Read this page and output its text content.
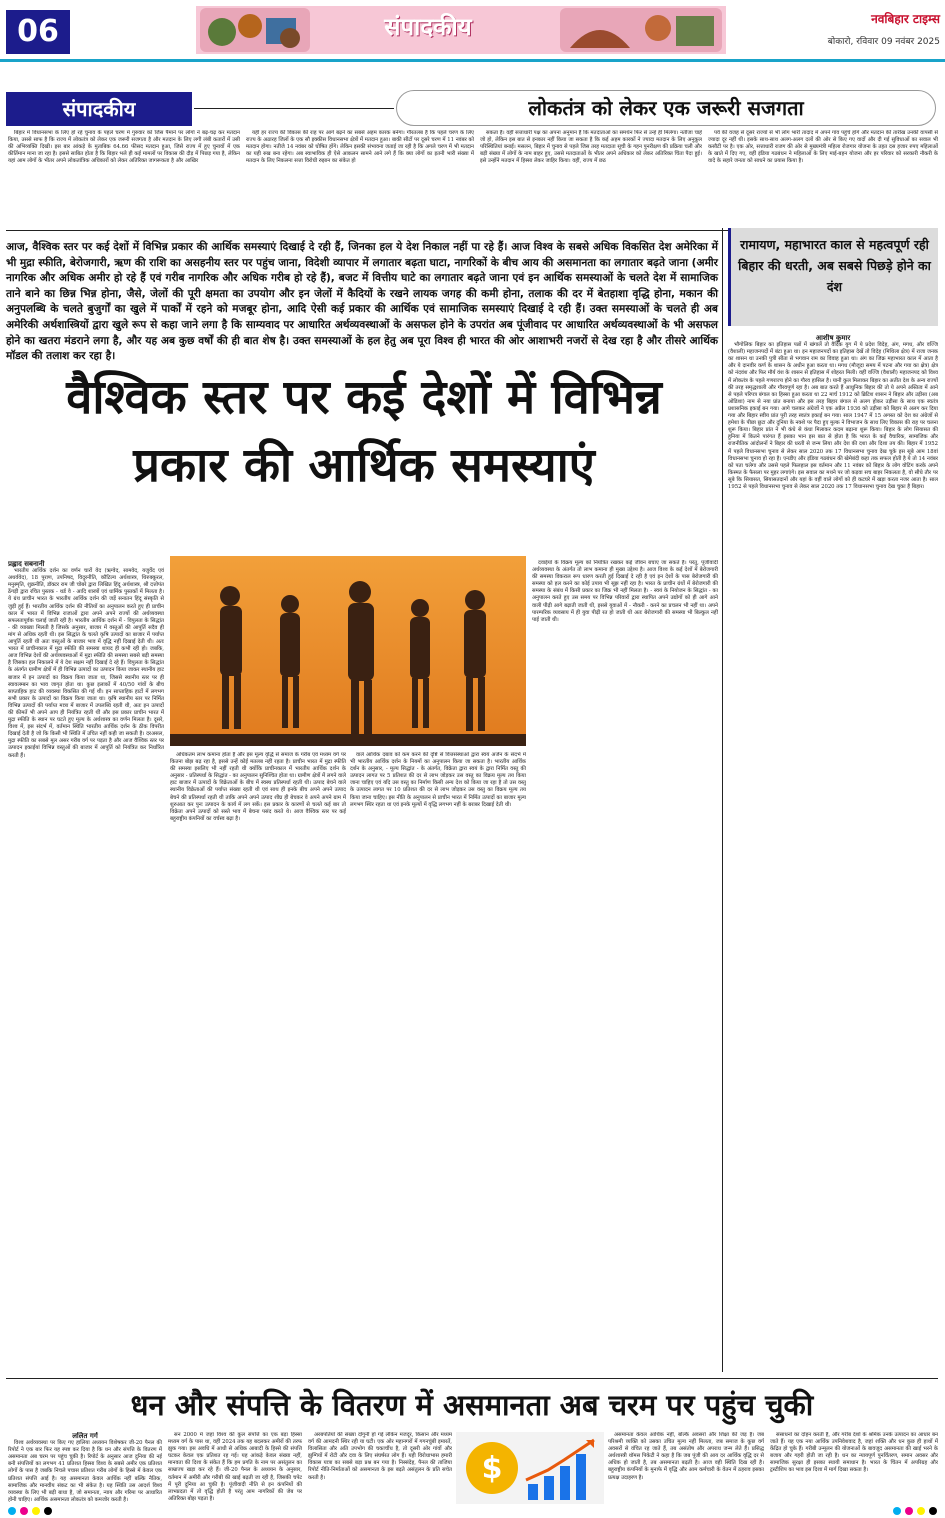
06	संपादकीय	नवबिहार टाइम्स
बोकारो, रविवार 09 नवंबर 2025
संपादकीय	लोकतंत्र को लेकर एक जरूरी सजगता

बिहार में विधानसभा के लिए हो रहे चुनाव के पहले चरण में गुरुवार को जिस पैमाने पर लोगों ने बढ़-चढ़ कर मतदान किया, उससे साफ है कि राज्य में लोकतंत्र को लेकर एक जरूरी सजगता है और मतदान के लिए लगी लंबी कतारों में उसी की अभिव्यक्ति दिखी। इस बार आंकड़े के मुताबिक 64.66 फीसद मतदान हुआ, जिसे राज्य में हुए चुनावों में एक कीर्तिमान माना जा रहा है। इससे साबित होता है कि बिहार भले ही कई मामलों पर विकास की दौड़ में पिछड़ गया है, लेकिन यहां आम लोगों के भीतर अपने लोकतांत्रिक अधिकारों को लेकर अतिरिक्त जागरूकता है और आखिर

यही हर राज्य की विकास की राह पर आगे बढ़ने का सबसे अहम कारक बनेगा। गौरतलब है कि पहले चरण के लिए राज्य के अठारह जिलों के एक सौ इक्कीस विधानसभा क्षेत्रों में मतदान हुआ। बाकी सीटों पर दूसरे चरण में 11 नवंबर को मतदान होगा। नतीजे 14 नवंबर को घोषित होंगे। लेकिन इसकी संभावना जताई जा रही है कि अगले चरण में भी मतदान का यही रुख बना रहेगा। अब स्वाभाविक ही ऐसे आकलन सामने आने लगे हैं कि क्या लोगों का इतनी भारी संख्या में मतदान के लिए निकलना सत्ता विरोधी रुझान का संकेत हो

सकता है। वहीं सत्ताधारी पक्ष का अपना अनुमान है कि मतदाताओं का समर्थन फिर से उन्हें ही मिलेगा। नतीजा चाहे जो हो, लेकिन इस बात से इनकार नहीं किया जा सकता है कि कई अहम कारकों ने ज्यादा मतदान के लिए अनुकूल परिस्थितियां बनाईं। मसलन, बिहार में चुनाव से पहले जिस तरह मतदाता सूची के गहन पुनरीक्षण की प्रक्रिया चली और बड़ी संख्या में लोगों के नाम बाहर हुए, उससे मतदाताओं के भीतर अपने अधिकार को लेकर अतिरिक्त चिंता पैदा हुई। इसे उन्होंने मतदान में हिस्सा लेकर जाहिर किया। वहीं, राज्य में छठ

पर्व की वजह से दूसरे राज्यों से भी लोग भारी तादाद में अपने गांव पहुंचे होंगे और मतदान की तारीख उनकी वापसी से ज्यादा दूर नहीं थी। इसके साथ-साथ अलग-अलग दलों की ओर से किए गए वादों और दी गई सुविधाओं का सवाल भी कसौटी पर है। एक ओर, सत्ताधारी राजग की ओर से मुख्यमंत्री महिला रोजगार योजना के तहत दस हजार रुपए महिलाओं के खाते में दिए गए, वहीं इंडिया गठबंधन ने महिलाओं के लिए माई-बहन योजना और हर परिवार को सरकारी नौकरी के वादे के सहारे जनता को साधने का प्रयास किया है।

आज, वैश्विक स्तर पर कई देशों में विभिन्न प्रकार की आर्थिक समस्याएं दिखाई दे रही हैं, जिनका हल ये देश निकाल नहीं पा रहे हैं। आज विश्व के सबसे अधिक विकसित देश अमेरिका में भी मुद्रा स्फीति, बेरोजगारी, ऋण की राशि का असहनीय स्तर पर पहुंच जाना, विदेशी व्यापार में लगातार बढ़ता घाटा, नागरिकों के बीच आय की असमानता का लगातार बढ़ते जाना (अमीर नागरिक और अधिक अमीर हो रहे हैं एवं गरीब नागरिक और अधिक गरीब हो रहे हैं), बजट में वित्तीय घाटे का लगातार बढ़ते जाना एवं इन आर्थिक समस्याओं के चलते देश में सामाजिक ताने बाने का छिन्न भिन्न होना, जैसे, जेलों की पूरी क्षमता का उपयोग और इन जेलों में कैदियों के रखने लायक जगह की कमी होना, तलाक की दर में बेतहाशा वृद्धि होना, मकान की अनुपलब्धि के चलते बुजुर्गों का खुले में पार्कों में रहने को मजबूर होना, आदि ऐसी कई प्रकार की आर्थिक एवं सामाजिक समस्याएं दिखाई दे रही हैं। उक्त समस्याओं के चलते ही अब अमेरिकी अर्थशास्त्रियों द्वारा खुले रूप से कहा जाने लगा है कि साम्यवाद पर आधारित अर्थव्यवस्थाओं के असफल होने के उपरांत अब पूंजीवाद पर आधारित अर्थव्यवस्थाओं के भी असफल होने का खतरा मंडराने लगा है, और यह अब कुछ वर्षों की ही बात शेष है। उक्त समस्याओं के हल हेतु अब पूरा विश्व ही भारत की ओर आशाभरी नजरों से देख रहा है और तीसरे आर्थिक मॉडल की तलाश कर रहा है।
वैश्विक स्तर पर कई देशों में विभिन्न
प्रकार की आर्थिक समस्याएं

प्रह्लाद सबनानी

भारतीय आर्थिक दर्शन का वर्णन चारों वेद (ऋग्वेद, सामवेद, यजुर्वेद एवं अथर्ववेद), 18 पुराण, उपनिषद, विदुरनीति, कौटिल्य अर्थशास्त्र, थिरुक्कुरल, मनुस्मृति, शुक्रनीति, डॉक्टर राम जी चोबरे द्वारा लिखित हिंदू अर्थशास्त्र, श्री दत्तोपंत ठेंगड़ी द्वारा रचित पुस्तक - थर्ड वे - आदि शास्त्रों एवं धार्मिक पुस्तकों में मिलता है। ये ग्रंथ प्राचीन भारत के भारतीय आर्थिक दर्शन की जड़ें सनातन हिंदू संस्कृति से जुड़ी हुई हैं। भारतीय आर्थिक दर्शन की नीतियों का अनुपालन करते हुए ही प्राचीन काल में भारत में विभिन्न राजाओं द्वारा अपने अपने राज्यों की अर्थव्यवस्था सफलतापूर्वक चलाई जाती रही है। भारतीय आर्थिक दर्शन में - विपुलता के सिद्धांत - की व्याख्या मिलती है जिसके अनुसार, बाजार में वस्तुओं की आपूर्ति सदैव ही मांग से अधिक रहती थी। इस सिद्धांत के चलते कृषि उत्पादों का बाजार में पर्याप्त आपूर्ति रहती थी अतः वस्तुओं के बाजार भाव में वृद्धि नहीं दिखाई देती थी। अतः भारत में प्राचीनकाल में मुद्रा स्फीति की समस्या शायद ही कभी रही हो। जबकि, आज विभिन्न देशों की अर्थव्यवस्थाओं में मुद्रा स्फीति की समस्या सबसे बड़ी समस्या है जिसका हल निकालने में ये देश सक्षम नहीं दिखाई दे रहे हैं। विपुलता के सिद्धांत के अंतर्गत ग्रामीण क्षेत्रों में ही विभिन्न उत्पादों का उत्पादन किया जाकर स्थानीय हाट बाजार में इन उत्पादों का विक्रय किया जाता था, जिससे स्थानीय स्तर पर ही स्वावलम्बन का भाव जागृत होता था। कुछ इलाकों में 40/50 गांवों के बीच साप्ताहिक हाट की व्यवस्था विकसित की गई थी। इन साप्ताहिक हाटों में लगभग सभी प्रकार के उत्पादों का विक्रय किया जाता था। कृषि स्थानीय स्तर पर निर्मित विभिन्न उत्पादों की पर्याप्त मात्रा में बाजार में उपलब्धि रहती थी, अतः इन उत्पादों की कीमतें भी अपने आप ही नियंत्रित रहती थीं और इस प्रकार प्राचीन भारत में मुद्रा स्फीति के स्थान पर घटते हुए मूल्य के अर्थशास्त्र का वर्णन मिलता है। दूसरे, विश्व में, इस संदर्भ में, वर्तमान स्थिति भारतीय आर्थिक दर्शन के ठीक विपरीत दिखाई देती है जो कि किसी भी स्थिति में उचित नहीं कही जा सकती है। दरअसल, मुद्रा स्फीति का सबसे मूल असर गरीब वर्ग पर पड़ता है और आज वैश्विक स्तर पर उत्पादन इकाईयां विभिन्न वस्तुओं की बाजार में आपूर्ति को नियंत्रित कर निर्धारित करती हैं।	अधिकतम लाभ कमाना होता है और इस मूल्य वृद्धि से समाज के गरीब एवं मध्यम वर्ग पर कितना बोझ बढ़ रहा है, इससे उन्हें कोई मतलब नहीं रहता है। प्राचीन भारत में मुद्रा स्फीति की समस्या इसलिए भी नहीं रहती थी क्योंकि प्राचीनकाल में भारतीय आर्थिक दर्शन के अनुसार - प्रतिस्पर्धा के सिद्धांत - का अनुपालन सुनिश्चित होता था। ग्रामीण क्षेत्रों में लगने वाले हाट बाजार में उत्पादों के विक्रेताओं के बीच में स्वस्थ प्रतिस्पर्धा रहती थी। उत्पाद बेचने वाले स्थानीय विक्रेताओं की पर्याप्त संख्या रहती थी एवं साथ ही इनके बीच अपने अपने उत्पाद बेचने की प्रतिस्पर्धा रहती थी ताकि अपने अपने उत्पाद शीघ्र ही बेचकर वे अपने अपने ग्राम में शुरुआत कर पुनः उत्पादन के कार्य में लग सकें। इस प्रकार के कारणों से चलते कई बार तो विक्रेता अपने उत्पादों को सस्ते भाव में बेचना पसंद करते थे। आज वैश्विक स्तर पर कई बहुराष्ट्रीय कंपनियों का वर्चस्व बढ़ा है।

वाले आर्थिक दबाव को कम करने की दृष्टि से वित्तसंस्थाओं द्वारा स्वयं अर्जन के संदर्भ में भी भारतीय आर्थिक दर्शन के नियमों का अनुपालन किया जा सकता है। भारतीय आर्थिक दर्शन के अनुसार, - मूल्य सिद्धांत - के अंतर्गत, विक्रेता द्वारा स्वयं के द्वारा निर्मित वस्तु की उत्पादन लागत पर 5 प्रतिशत की दर से लाभ जोड़कर उस वस्तु का विक्रय मूल्य तय किया जाना चाहिए एवं यदि उस वस्तु का निर्माण किसी अन्य देश को किया जा रहा है तो उस वस्तु के उत्पादन लागत पर 10 प्रतिशत की दर से लाभ जोड़कर उस वस्तु का विक्रय मूल्य तय किया जाना चाहिए। इस नीति के अनुपालन से प्राचीन भारत में निर्मित उत्पादों का बाजार मूल्य लगभग स्थिर रहता था एवं इनके मूल्यों में वृद्धि लगभग नहीं के बराबर दिखाई देती थी।

दवाईयों के विक्रय मूल्य को नियंत्रित रखकर कई जीवन बचाए जा सकते हैं। परंतु, पूंजीवादी अर्थव्यवस्था के अंतर्गत तो लाभ कमाना ही मुख्य उद्देश्य है। आज विश्व के कई देशों में बेरोजगारी की समस्या विकराल रूप धारण करती हुई दिखाई दे रही है एवं इन देशों के पास बेरोजगारी की समस्या को हल करने का कोई उपाय भी सूझ नहीं रहा है। भारत के प्राचीन ग्रंथों में बेरोजगारी की समस्या के संबंध में किसी प्रकार का जिक्र भी नहीं मिलता है। - स्वयं के नियोजन के सिद्धांत - का अनुपालन करते हुए उस समय पर विभिन्न परिवारों द्वारा स्थापित अपने उद्योगों को ही आगे आने वाली पीढ़ी आगे बढ़ाती जाती थी, इससे युवाओं में - नौकरी - करने का प्रचलन भी नहीं था। अपने पारम्परिक व्यवसाय में ही युवा पीढ़ी रत हो जाती थी अतः बेरोजगारी की समस्या भी बिल्कुल नहीं पाई जाती थी।

रामायण, महाभारत काल से महत्वपूर्ण रही बिहार की धरती, अब सबसे पिछड़े होने का दंश

आशीष कुमार

भौगोलिक बिहार का इतिहास पन्नों में खंगालें तो वैदिक युग में ये प्रदेश विदेह, अंग, मगध, और वज्जि (वैशाली) महाजनपदों में बंटा हुआ था। इन महाजनपदों का इतिहास देखें तो विदेह (मिथिला क्षेत्र) में राजा जनक का शासन था उनकी पुत्री सीता से भगवान राम का विवाह हुआ था। अंग का जिक्र महाभारत काल में आता है और ये दानवीर कर्ण के शासन के अधीन हुआ करता था। मगध (मौजूदा समय में पटना और गया का क्षेत्र) क्षेत्र को नंदवंश और फिर मौर्य वंश के शासन से इतिहास में शोहरत मिली। वहीं वज्जि (वैशाली) महाजनपद को विश्व में लोकतंत्र के पहले गणराज्य होने का गौरव हासिल है। यानी कुल मिलाकर बिहार का अतीत देश के अन्य राज्यों की तरह समृद्धशाली और गौरवपूर्ण रहा है। अब बात करते हैं आधुनिक बिहार की तो ये अपने अस्तित्व में आने से पहले परिपत्र बंगाल का हिस्सा हुआ करता था 22 मार्च 1912 को ब्रिटिश शासन ने बिहार और उड़ीसा (अब ओडिशा) नाम से नया प्रांत बनाया और इस तरह बिहार बंगाल से अलग होकर उड़ीसा के साथ एक स्वतंत्र प्रशासनिक इकाई बन गया। आगे चलकर अंग्रेजों ने एक अप्रैल 1936 को उड़ीसा को बिहार से अलग कर दिया गया और बिहार स्वीय प्रांत पूरी तरह स्वतंत्र इकाई बन गया। साल 1947 में 15 अगस्त को देश का अंग्रेजों से हमेशा के पीछा छूटा और दुनिया के नक्शे पर पैदा हुए मुल्क ने विभाजन के साथ लिए विकास की राह पर चलना शुरू किया। बिहार प्रांत ने भी कंधे से कंधा मिलाकर कदम बढ़ाना शुरू किया। बिहार के लोग सियासत की हुनिया में कितने पारंगत हैं इसका भान इस बात से होता है कि भारत के कई वैचारिक, सामाजिक और राजनीतिक आंदोलनों ने बिहार की धरती से जन्म लिया और देश की दशा और दिशा तय की। बिहार में 1952 में पहले विधानसभा चुनाव से लेकर साल 2020 तक 17 विधानसभा चुनाव देख चुके इस सूबे आम 18वां विधानसभा चुनाव हो रहा है। एनडीए और इंडिया गठबंधन की खेमेबंदी कहा तक सफल होती है ये तो 14 नवंबर को पता चलेगा और उससे पहले फिलहाल इस वर्तमान और 11 नवंबर को बिहार के लोग वोटिंग करके अपने किस्मत के फैसला पर मुहर लगाएंगे। इस सवाल का मथने पर जो कड़वा सच बाहर निकलता है, वो सीधे तौर पर सूबे कि सियासत, सियासतदानों और यहां के वहीं वाले लोगों को ही कटघरे में खड़ा करता नजर आता है। साल 1952 से पहले विधानसभा चुनाव से लेकर साल 2020 तक 17 विधानसभा चुनाव देख चुका है बिहार।

धन और संपत्ति के वितरण में असमानता अब चरम पर पहुंच चुकी

ललित गर्ग

विश्व अर्थव्यवस्था पर किए गए हालिया अध्ययन विशेषकर जी-20 पैनल की रिपोर्ट ने एक बार फिर यह स्पष्ट कर दिया है कि धन और संपत्ति के वितरण में असमानता अब चरम पर पहुंच चुकी है। रिपोर्ट के अनुसार आज दुनिया की नई बनी संपत्तियों का लगभग 41 प्रतिशत हिस्सा विश्व के सबसे अमीर एक प्रतिशत लोगों के पास है जबकि निचले पचास प्रतिशत गरीब लोगों के हिस्से में केवल एक प्रतिशत संपत्ति आई है। यह असमानता केवल आर्थिक नहीं बल्कि नैतिक, सामाजिक और मानवीय संकट का भी संकेत है। यह स्थिति उस आदर्श विश्व व्यवस्था के लिए भी बड़ी बाधा है, जो समानता, न्याय और गरिमा पर आधारित होनी चाहिए। आर्थिक असमानता लोकतंत्र को कमजोर करती है।

सन 2000 में जहां विश्व की कुल संपत्ति का एक बड़ा हिस्सा मध्यम वर्ग के पास था, वहीं 2024 तक यह बदलकर अमीरों की तरफ झुक गया। इस अवधि में आधी से अधिक आबादी के हिस्से की संपत्ति घटकर केवल एक प्रतिशत रह गई। यह आंकड़े केवल संख्या नहीं, मानवता की दिशा के संकेत हैं कि हम प्रगति के नाम पर असंतुलन का साम्राज्य खड़ा कर रहे हैं। जी-20 पैनल के अध्ययन के अनुसार, वर्तमान में अमीरी और गरीबी की खाई बढ़ती जा रही है, जिसकी चपेट में पूरी दुनिया आ चुकी है। पूंजीवादी नीति से इन कंपनियों की लाभप्रदता में तो वृद्धि होती है परंतु आम नागरिकों की जेब पर अतिरिक्त बोझ पड़ता है।

अरबपतियों की संख्या दोगुनी हो गई लेकिन मजदूर, किसान और मध्यम वर्ग की आमदनी स्थिर रही या घटी। एक ओर महानगरों में गगनचुंबी इमारतें, विलासिता और अति उपभोग की चकाचौंध है, तो दूसरी ओर गांवों और झुग्गियों में रोटी और दवा के लिए संघर्षरत लोग हैं। यही विरोधाभास हमारी विकास यात्रा का सबसे बड़ा प्रश्न बन गया है। निस्संदेह, पैनल की ताजिया रिपोर्ट नीति-निर्माताओं को असमानता के इस बढ़ते असंतुलन के प्रति सचेत करती है।

असमानता केवल आर्थिक नहीं, बल्कि अवसरों और शिक्षा की जड़ है। जब परिश्रमी व्यक्ति को उसका उचित मूल्य नहीं मिलता, जब समाज के कुछ वर्ग अवसरों से वंचित रह जाते हैं, तब असंतोष और अपराध जन्म लेते हैं। प्रसिद्ध अर्थशास्त्री थॉमस पिकेटी ने कहा है कि जब पूंजी की आय दर आर्थिक वृद्धि दर से अधिक हो जाती है, तब असमानता बढ़ती है। आज वही स्थिति दिख रही है। बहुराष्ट्रीय कंपनियों के मुनाफे में वृद्धि और आम कर्मचारी के वेतन में ठहराव इसका प्रत्यक्ष उदाहरण है।

संसाधनों का दोहन करती है, और गरीब देशों के श्रमिक उनके उत्पादन का आधार बन जाते हैं। यह एक नया आर्थिक उपनिवेशवाद है, जहां शक्ति और धन कुछ ही हाथों में केंद्रित हो चुके हैं। गरीबी उन्मूलन की योजनाओं के बावजूद असमानता की खाई भरने के बजाय और गहरी होती जा रही है। धन का न्यायपूर्ण पुनर्वितरण, समान अवसर और सामाजिक सुरक्षा ही इसका स्थायी समाधान है। भारत के चिंतन में अपरिग्रह और ट्रस्टीशिप का भाव इस दिशा में मार्ग दिखा सकता है।

$
